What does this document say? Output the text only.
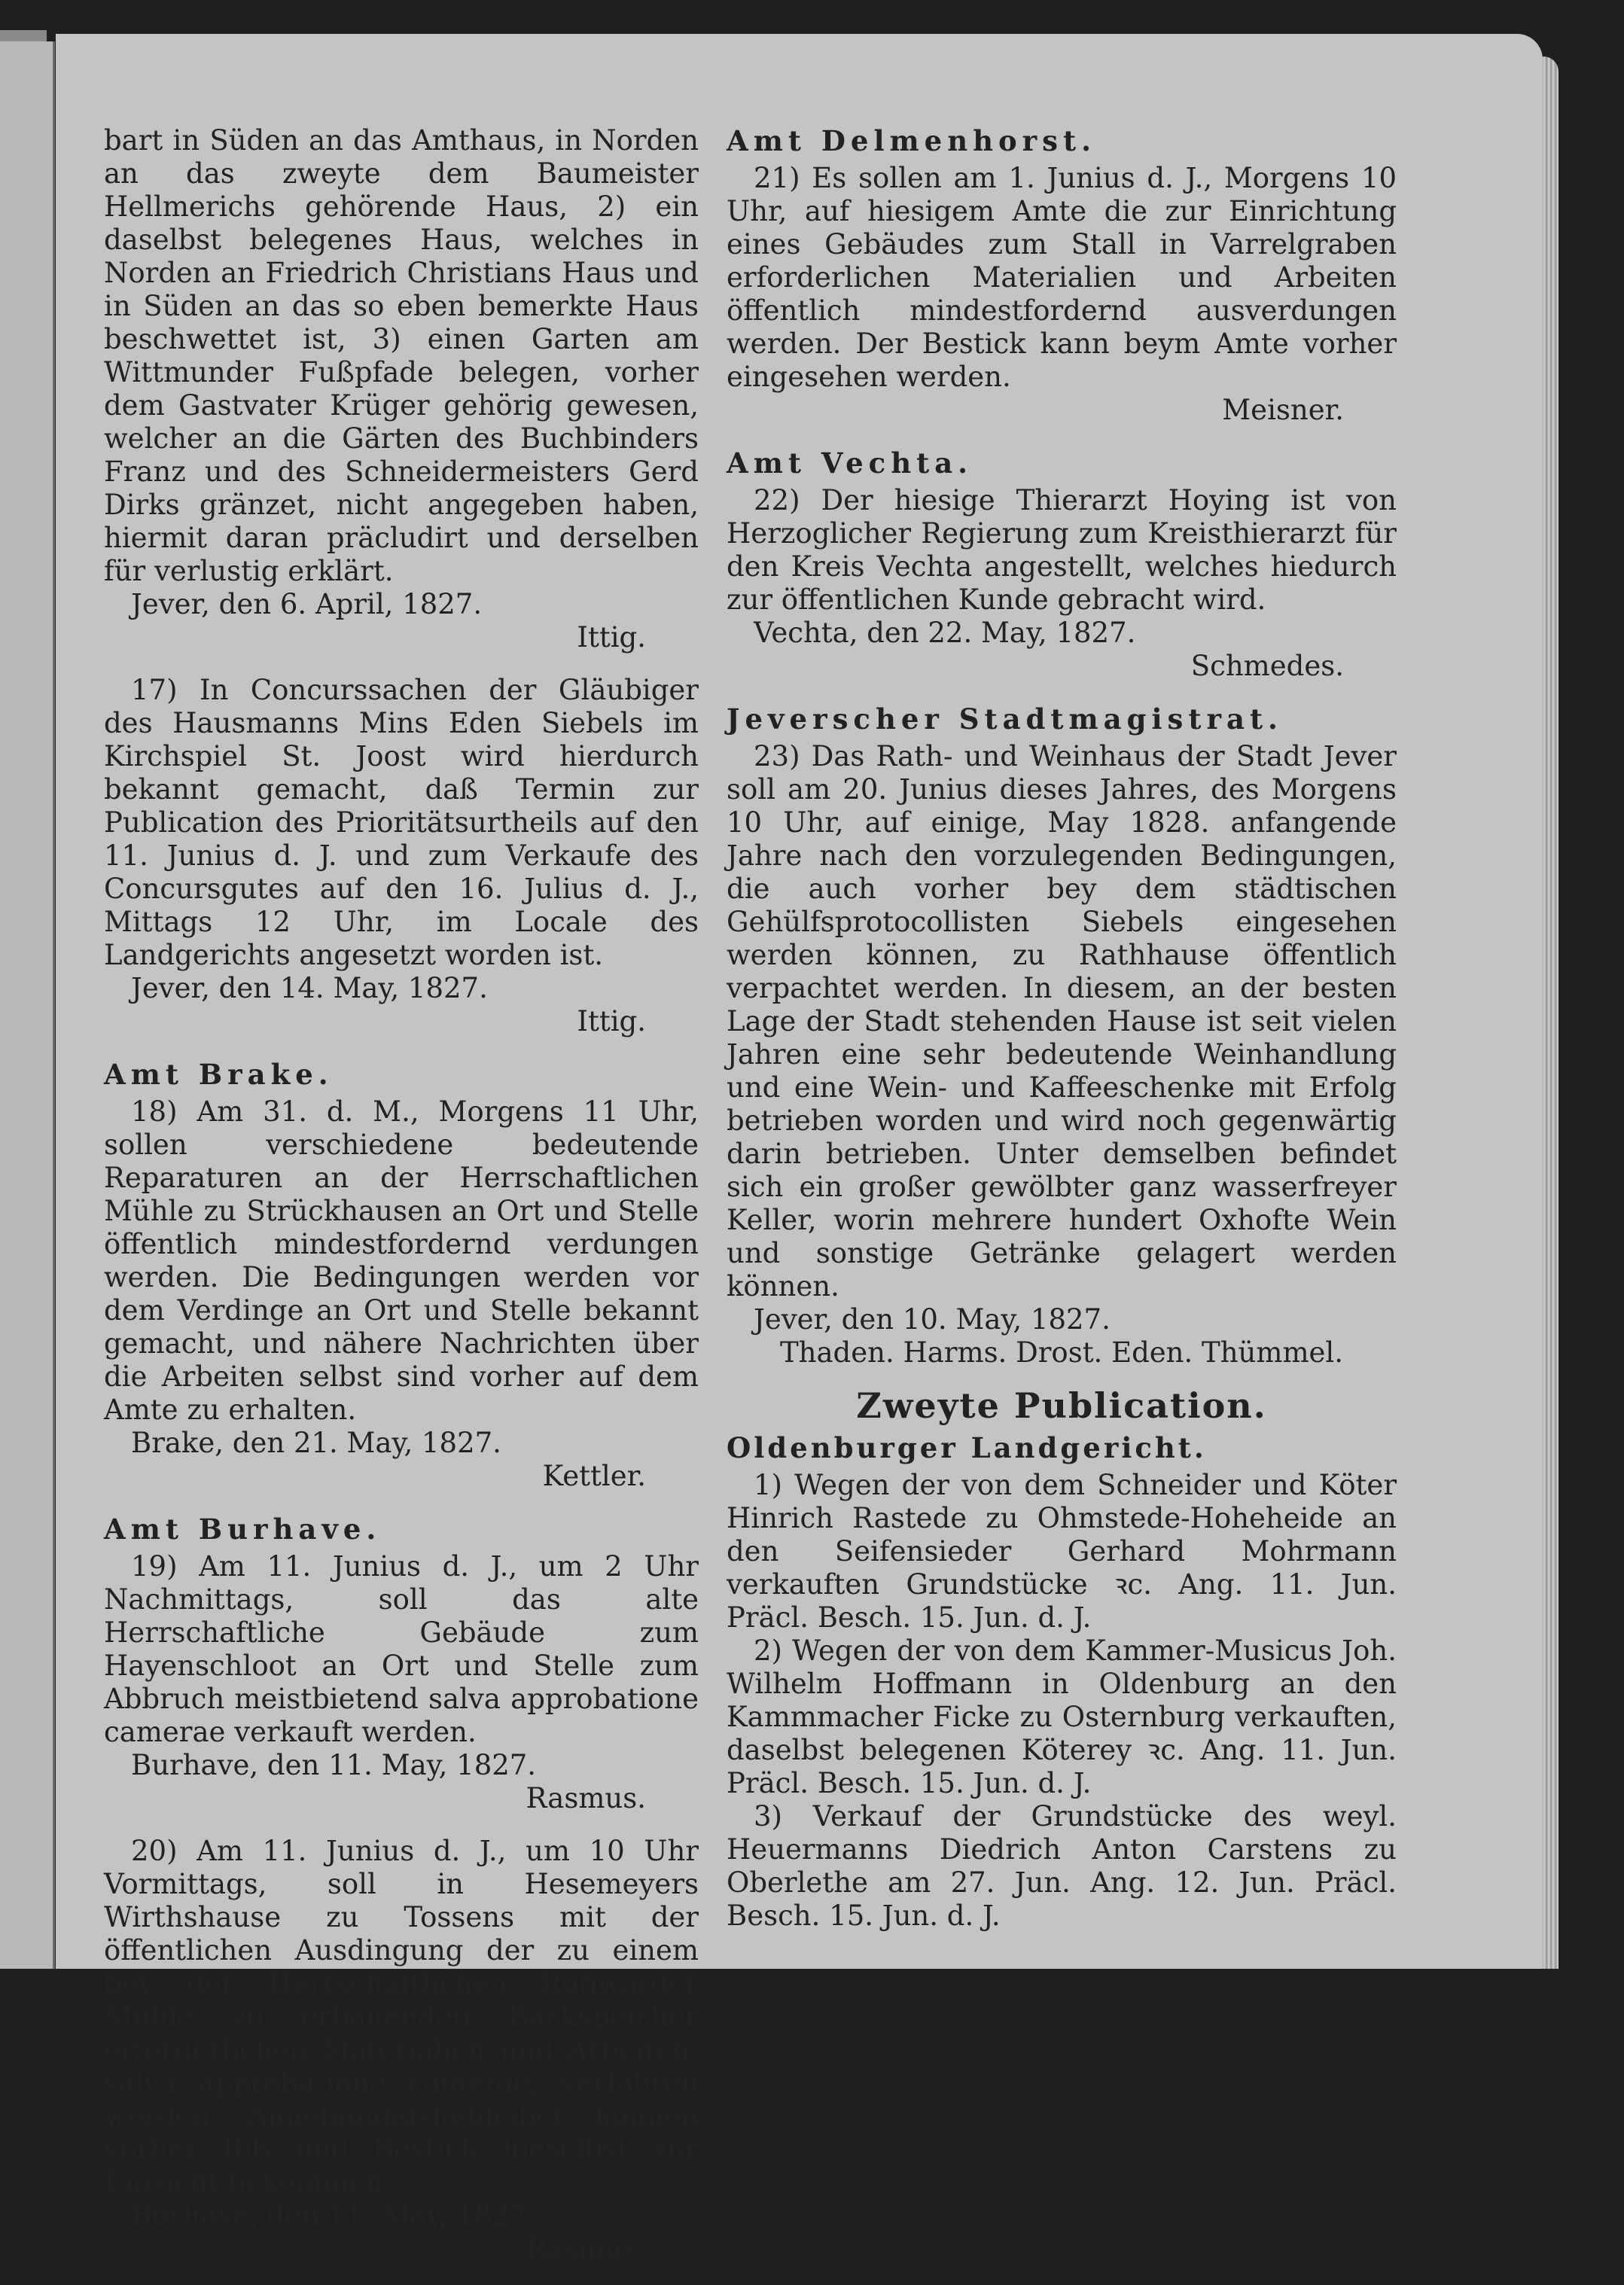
bart in Süden an das Amthaus, in Norden an das zweyte dem Baumeister Hellmerichs gehörende Haus, 2) ein daselbst belegenes Haus, welches in Norden an Friedrich Christians Haus und in Süden an das so eben bemerkte Haus beschwettet ist, 3) einen Garten am Wittmunder Fußpfade belegen, vorher dem Gastvater Krüger gehörig gewesen, welcher an die Gärten des Buchbinders Franz und des Schneidermeisters Gerd Dirks gränzet, nicht angegeben haben, hiermit daran präcludirt und derselben für verlustig erklärt.

Jever, den 6. April, 1827.

Ittig.

17) In Concurssachen der Gläubiger des Hausmanns Mins Eden Siebels im Kirchspiel St. Joost wird hierdurch bekannt gemacht, daß Termin zur Publication des Prioritätsurtheils auf den 11. Junius d. J. und zum Verkaufe des Concursgutes auf den 16. Julius d. J., Mittags 12 Uhr, im Locale des Landgerichts angesetzt worden ist.

Jever, den 14. May, 1827.

Ittig.

Amt Brake.

18) Am 31. d. M., Morgens 11 Uhr, sollen verschiedene bedeutende Reparaturen an der Herrschaftlichen Mühle zu Strückhausen an Ort und Stelle öffentlich mindestfordernd verdungen werden. Die Bedingungen werden vor dem Verdinge an Ort und Stelle bekannt gemacht, und nähere Nachrichten über die Arbeiten selbst sind vorher auf dem Amte zu erhalten.

Brake, den 21. May, 1827.

Kettler.

Amt Burhave.

19) Am 11. Junius d. J., um 2 Uhr Nachmittags, soll das alte Herrschaftliche Gebäude zum Hayenschloot an Ort und Stelle zum Abbruch meistbietend salva approbatione camerae verkauft werden.

Burhave, den 11. May, 1827.

Rasmus.

20) Am 11. Junius d. J., um 10 Uhr Vormittags, soll in Hesemeyers Wirthshause zu Tossens mit der öffentlichen Ausdingung der zu einem bey der Herrschaftlichen Ruhwarder Mühle zu erbauenden Backspeicher erforderlichen Materialien und Arbeiten, salva approbatione camerae, verfahren werden. Annehmungsliebhaber können vorher Riß und Bestick hieselbst zur Einsicht bekommen.

Burhave, den 11. May, 1827.

Rasmus.

Amt Delmenhorst.

21) Es sollen am 1. Junius d. J., Morgens 10 Uhr, auf hiesigem Amte die zur Einrichtung eines Gebäudes zum Stall in Varrelgraben erforderlichen Materialien und Arbeiten öffentlich mindestfordernd ausverdungen werden. Der Bestick kann beym Amte vorher eingesehen werden.

Meisner.

Amt Vechta.

22) Der hiesige Thierarzt Hoying ist von Herzoglicher Regierung zum Kreisthierarzt für den Kreis Vechta angestellt, welches hiedurch zur öffentlichen Kunde gebracht wird.

Vechta, den 22. May, 1827.

Schmedes.

Jeverscher Stadtmagistrat.

23) Das Rath- und Weinhaus der Stadt Jever soll am 20. Junius dieses Jahres, des Morgens 10 Uhr, auf einige, May 1828. anfangende Jahre nach den vorzulegenden Bedingungen, die auch vorher bey dem städtischen Gehülfsprotocollisten Siebels eingesehen werden können, zu Rathhause öffentlich verpachtet werden. In diesem, an der besten Lage der Stadt stehenden Hause ist seit vielen Jahren eine sehr bedeutende Weinhandlung und eine Wein- und Kaffeeschenke mit Erfolg betrieben worden und wird noch gegenwärtig darin betrieben. Unter demselben befindet sich ein großer gewölbter ganz wasserfreyer Keller, worin mehrere hundert Oxhofte Wein und sonstige Getränke gelagert werden können.

Jever, den 10. May, 1827.

Thaden. Harms. Drost. Eden. Thümmel.

Zweyte Publication.

Oldenburger Landgericht.

1) Wegen der von dem Schneider und Köter Hinrich Rastede zu Ohmstede-Hoheheide an den Seifensieder Gerhard Mohrmann verkauften Grundstücke ꝛc. Ang. 11. Jun. Präcl. Besch. 15. Jun. d. J.

2) Wegen der von dem Kammer-Musicus Joh. Wilhelm Hoffmann in Oldenburg an den Kammmacher Ficke zu Osternburg verkauften, daselbst belegenen Köterey ꝛc. Ang. 11. Jun. Präcl. Besch. 15. Jun. d. J.

3) Verkauf der Grundstücke des weyl. Heuermanns Diedrich Anton Carstens zu Oberlethe am 27. Jun. Ang. 12. Jun. Präcl. Besch. 15. Jun. d. J.
